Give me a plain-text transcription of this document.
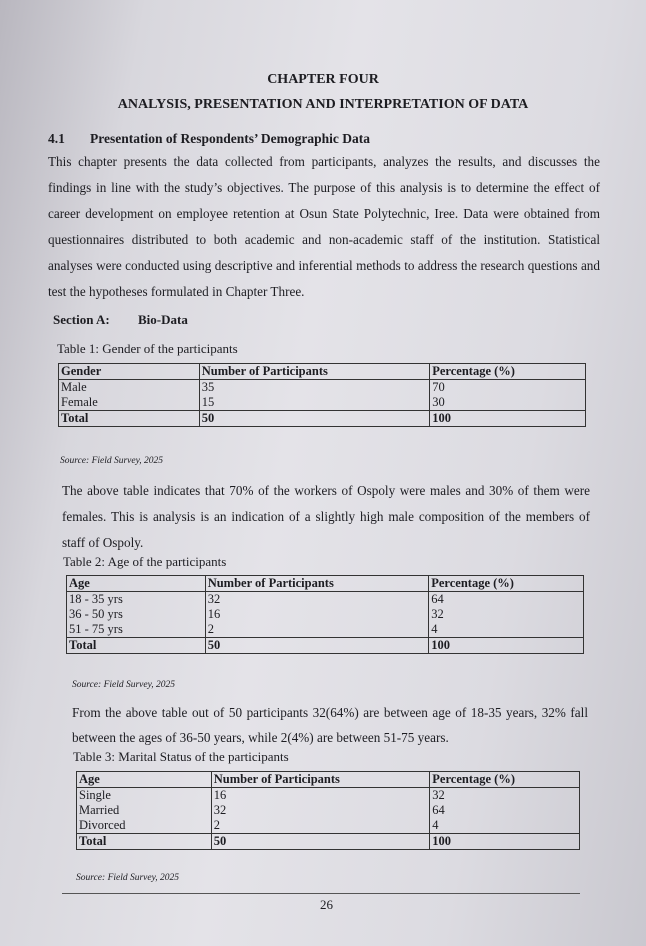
CHAPTER FOUR
ANALYSIS, PRESENTATION AND INTERPRETATION OF DATA
4.1 Presentation of Respondents’ Demographic Data
This chapter presents the data collected from participants, analyzes the results, and discusses the findings in line with the study’s objectives. The purpose of this analysis is to determine the effect of career development on employee retention at Osun State Polytechnic, Iree. Data were obtained from questionnaires distributed to both academic and non-academic staff of the institution. Statistical analyses were conducted using descriptive and inferential methods to address the research questions and test the hypotheses formulated in Chapter Three.
Section A: Bio-Data
Table 1: Gender of the participants
Gender	Number of Participants	Percentage (%)
Male	35	70
Female	15	30
Total	50	100
Source: Field Survey, 2025
The above table indicates that 70% of the workers of Ospoly were males and 30% of them were females. This is analysis is an indication of a slightly high male composition of the members of staff of Ospoly.
Table 2: Age of the participants
Age	Number of Participants	Percentage (%)
18 - 35 yrs	32	64
36 - 50 yrs	16	32
51 - 75 yrs	2	4
Total	50	100
Source: Field Survey, 2025
From the above table out of 50 participants 32(64%) are between age of 18-35 years, 32% fall between the ages of 36-50 years, while 2(4%) are between 51-75 years.
Table 3: Marital Status of the participants
Age	Number of Participants	Percentage (%)
Single	16	32
Married	32	64
Divorced	2	4
Total	50	100
Source: Field Survey, 2025
26
